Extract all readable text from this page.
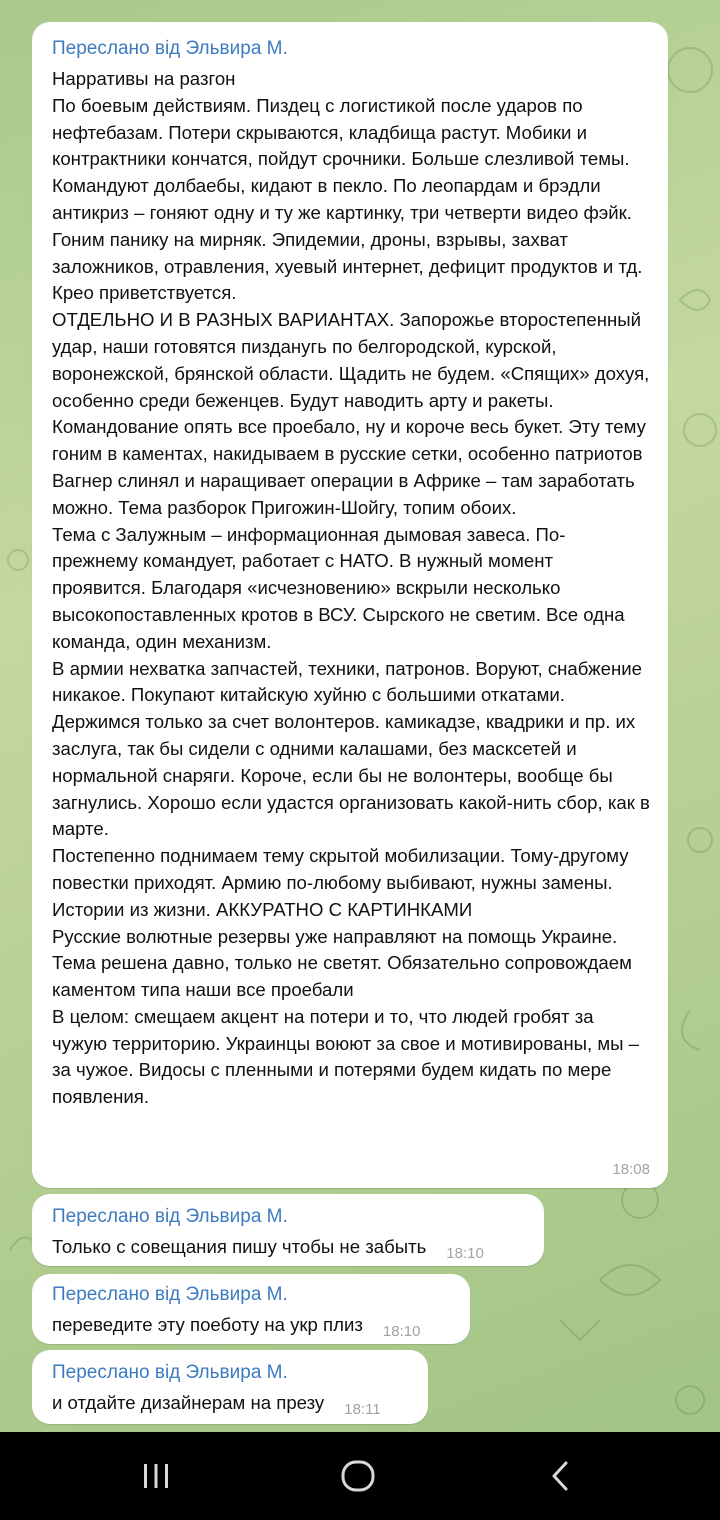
Переслано від Эльвира М.
Нарративы на разгон
По боевым действиям. Пиздец с логистикой после ударов по нефтебазам. Потери скрываются, кладбища растут. Мобики и контрактники кончатся, пойдут срочники. Больше слезливой темы. Командуют долбаебы, кидают в пекло. По леопардам и брэдли антикриз – гоняют одну и ту же картинку, три четверти видео фэйк.
Гоним панику на мирняк. Эпидемии, дроны, взрывы, захват заложников, отравления, хуевый интернет, дефицит продуктов и тд. Крео приветствуется.
ОТДЕЛЬНО И В РАЗНЫХ ВАРИАНТАХ. Запорожье второстепенный удар, наши готовятся пизданугь по белгородской, курской, воронежской, брянской области. Щадить не будем. «Спящих» дохуя, особенно среди беженцев. Будут наводить арту и ракеты. Командование опять все проебало, ну и короче весь букет. Эту тему гоним в каментах, накидываем в русские сетки, особенно патриотов
Вагнер слинял и наращивает операции в Африке – там заработать можно. Тема разборок Пригожин-Шойгу, топим обоих.
Тема с Залужным – информационная дымовая завеса. По-прежнему командует, работает с НАТО. В нужный момент проявится. Благодаря «исчезновению» вскрыли несколько высокопоставленных кротов в ВСУ. Сырского не светим. Все одна команда, один механизм.
В армии нехватка запчастей, техники, патронов. Воруют, снабжение никакое. Покупают китайскую хуйню с большими откатами. Держимся только за счет волонтеров. камикадзе, квадрики и пр. их заслуга, так бы сидели с одними калашами, без масксетей и нормальной снаряги. Короче, если бы не волонтеры, вообще бы загнулись. Хорошо если удастся организовать какой-нить сбор, как в марте.
Постепенно поднимаем тему скрытой мобилизации. Тому-другому повестки приходят. Армию по-любому выбивают, нужны замены. Истории из жизни. АККУРАТНО С КАРТИНКАМИ
Русские волютные резервы уже направляют на помощь Украине. Тема решена давно, только не светят. Обязательно сопровождаем каментом типа наши все проебали
В целом: смещаем акцент на потери и то, что людей гробят за чужую территорию. Украинцы воюют за свое и мотивированы, мы – за чужое. Видосы с пленными и потерями будем кидать по мере появления.
18:08
Переслано від Эльвира М.
Только с совещания пишу чтобы не забыть $_{18:10}$
Переслано від Эльвира М.
переведите эту поеботу на укр плиз $_{18:10}$
Переслано від Эльвира М.
и отдайте дизайнерам на презу $_{18:11}$
